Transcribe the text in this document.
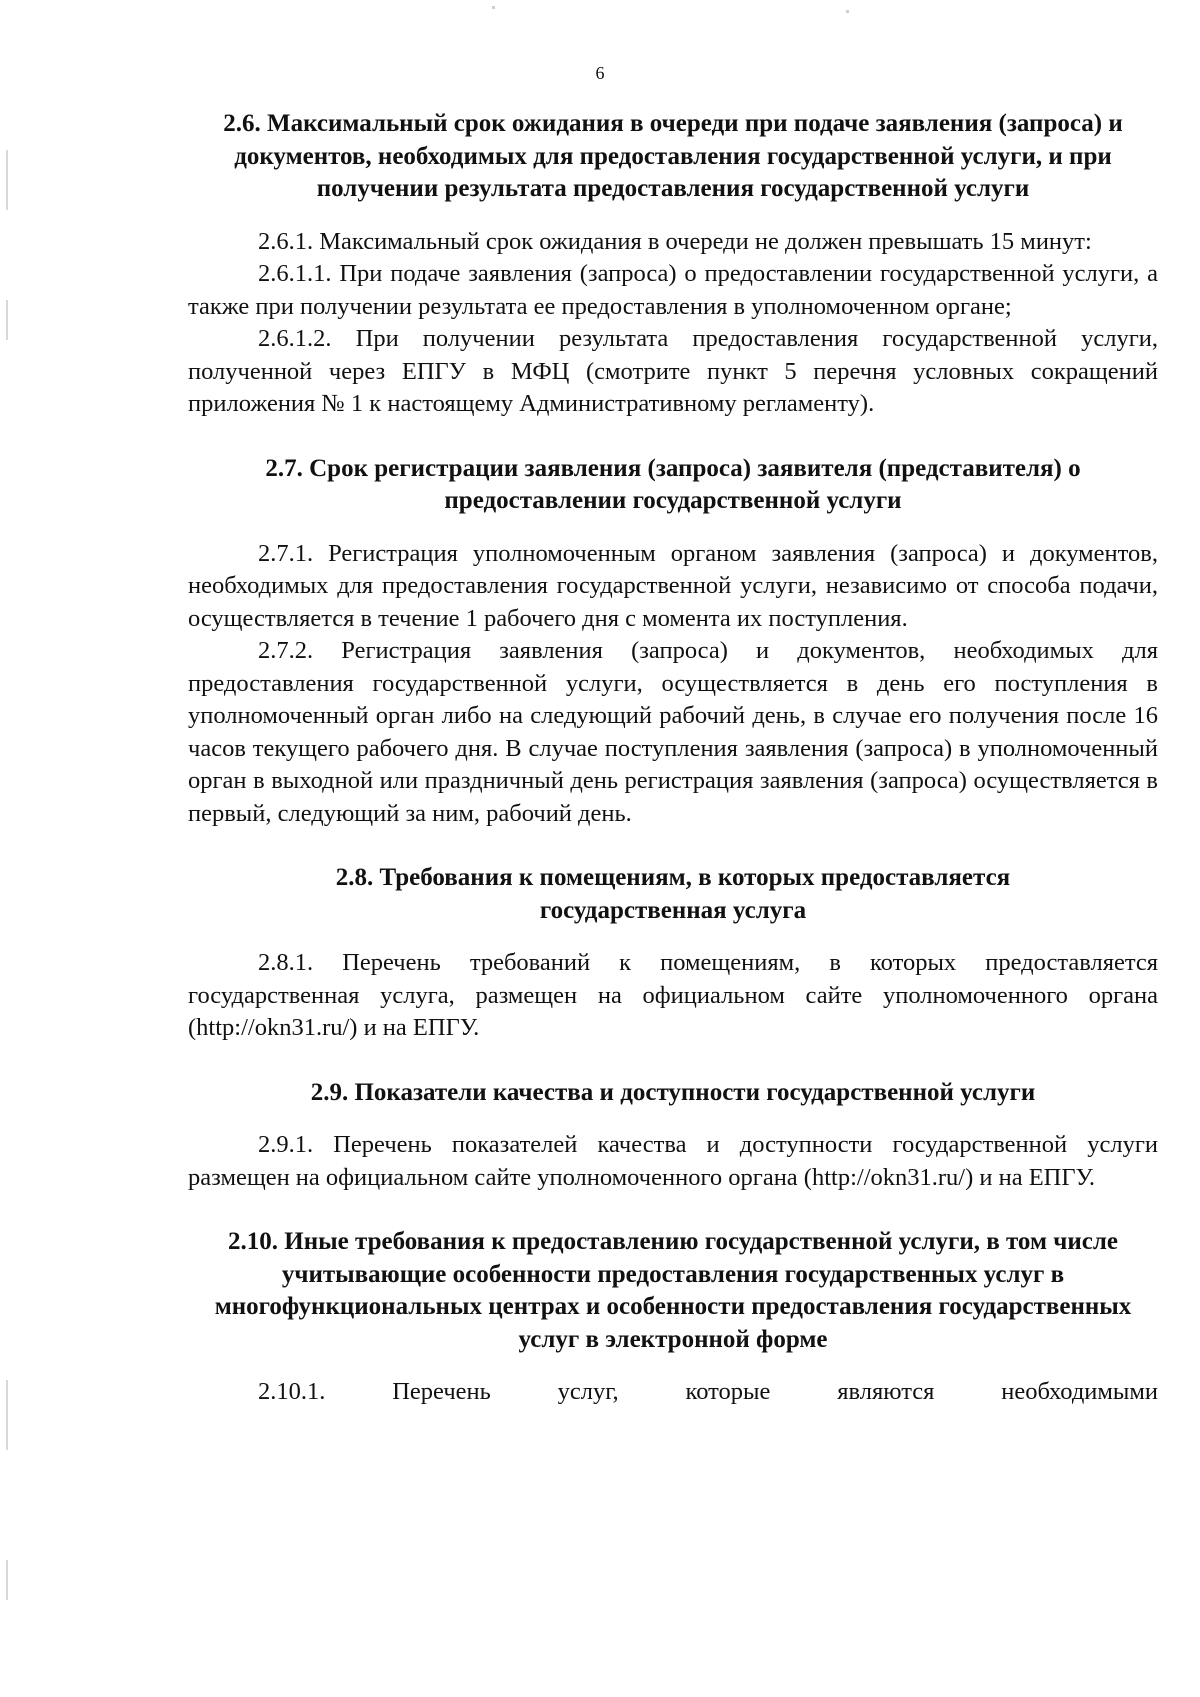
6
2.6. Максимальный срок ожидания в очереди при подаче заявления (запроса) и документов, необходимых для предоставления государственной услуги, и при получении результата предоставления государственной услуги

2.6.1. Максимальный срок ожидания в очереди не должен превышать 15 минут:

2.6.1.1. При подаче заявления (запроса) о предоставлении государственной услуги, а также при получении результата ее предоставления в уполномоченном органе;

2.6.1.2. При получении результата предоставления государственной услуги, полученной через ЕПГУ в МФЦ (смотрите пункт 5 перечня условных сокращений приложения № 1 к настоящему Административному регламенту).

2.7. Срок регистрации заявления (запроса) заявителя (представителя) о предоставлении государственной услуги

2.7.1. Регистрация уполномоченным органом заявления (запроса) и документов, необходимых для предоставления государственной услуги, независимо от способа подачи, осуществляется в течение 1 рабочего дня с момента их поступления.

2.7.2. Регистрация заявления (запроса) и документов, необходимых для предоставления государственной услуги, осуществляется в день его поступления в уполномоченный орган либо на следующий рабочий день, в случае его получения после 16 часов текущего рабочего дня. В случае поступления заявления (запроса) в уполномоченный орган в выходной или праздничный день регистрация заявления (запроса) осуществляется в первый, следующий за ним, рабочий день.

2.8. Требования к помещениям, в которых предоставляется государственная услуга

2.8.1. Перечень требований к помещениям, в которых предоставляется государственная услуга, размещен на официальном сайте уполномоченного органа (http://okn31.ru/) и на ЕПГУ.

2.9. Показатели качества и доступности государственной услуги

2.9.1. Перечень показателей качества и доступности государственной услуги размещен на официальном сайте уполномоченного органа (http://okn31.ru/) и на ЕПГУ.

2.10. Иные требования к предоставлению государственной услуги, в том числе учитывающие особенности предоставления государственных услуг в многофункциональных центрах и особенности предоставления государственных услуг в электронной форме

2.10.1. Перечень услуг, которые являются необходимыми
